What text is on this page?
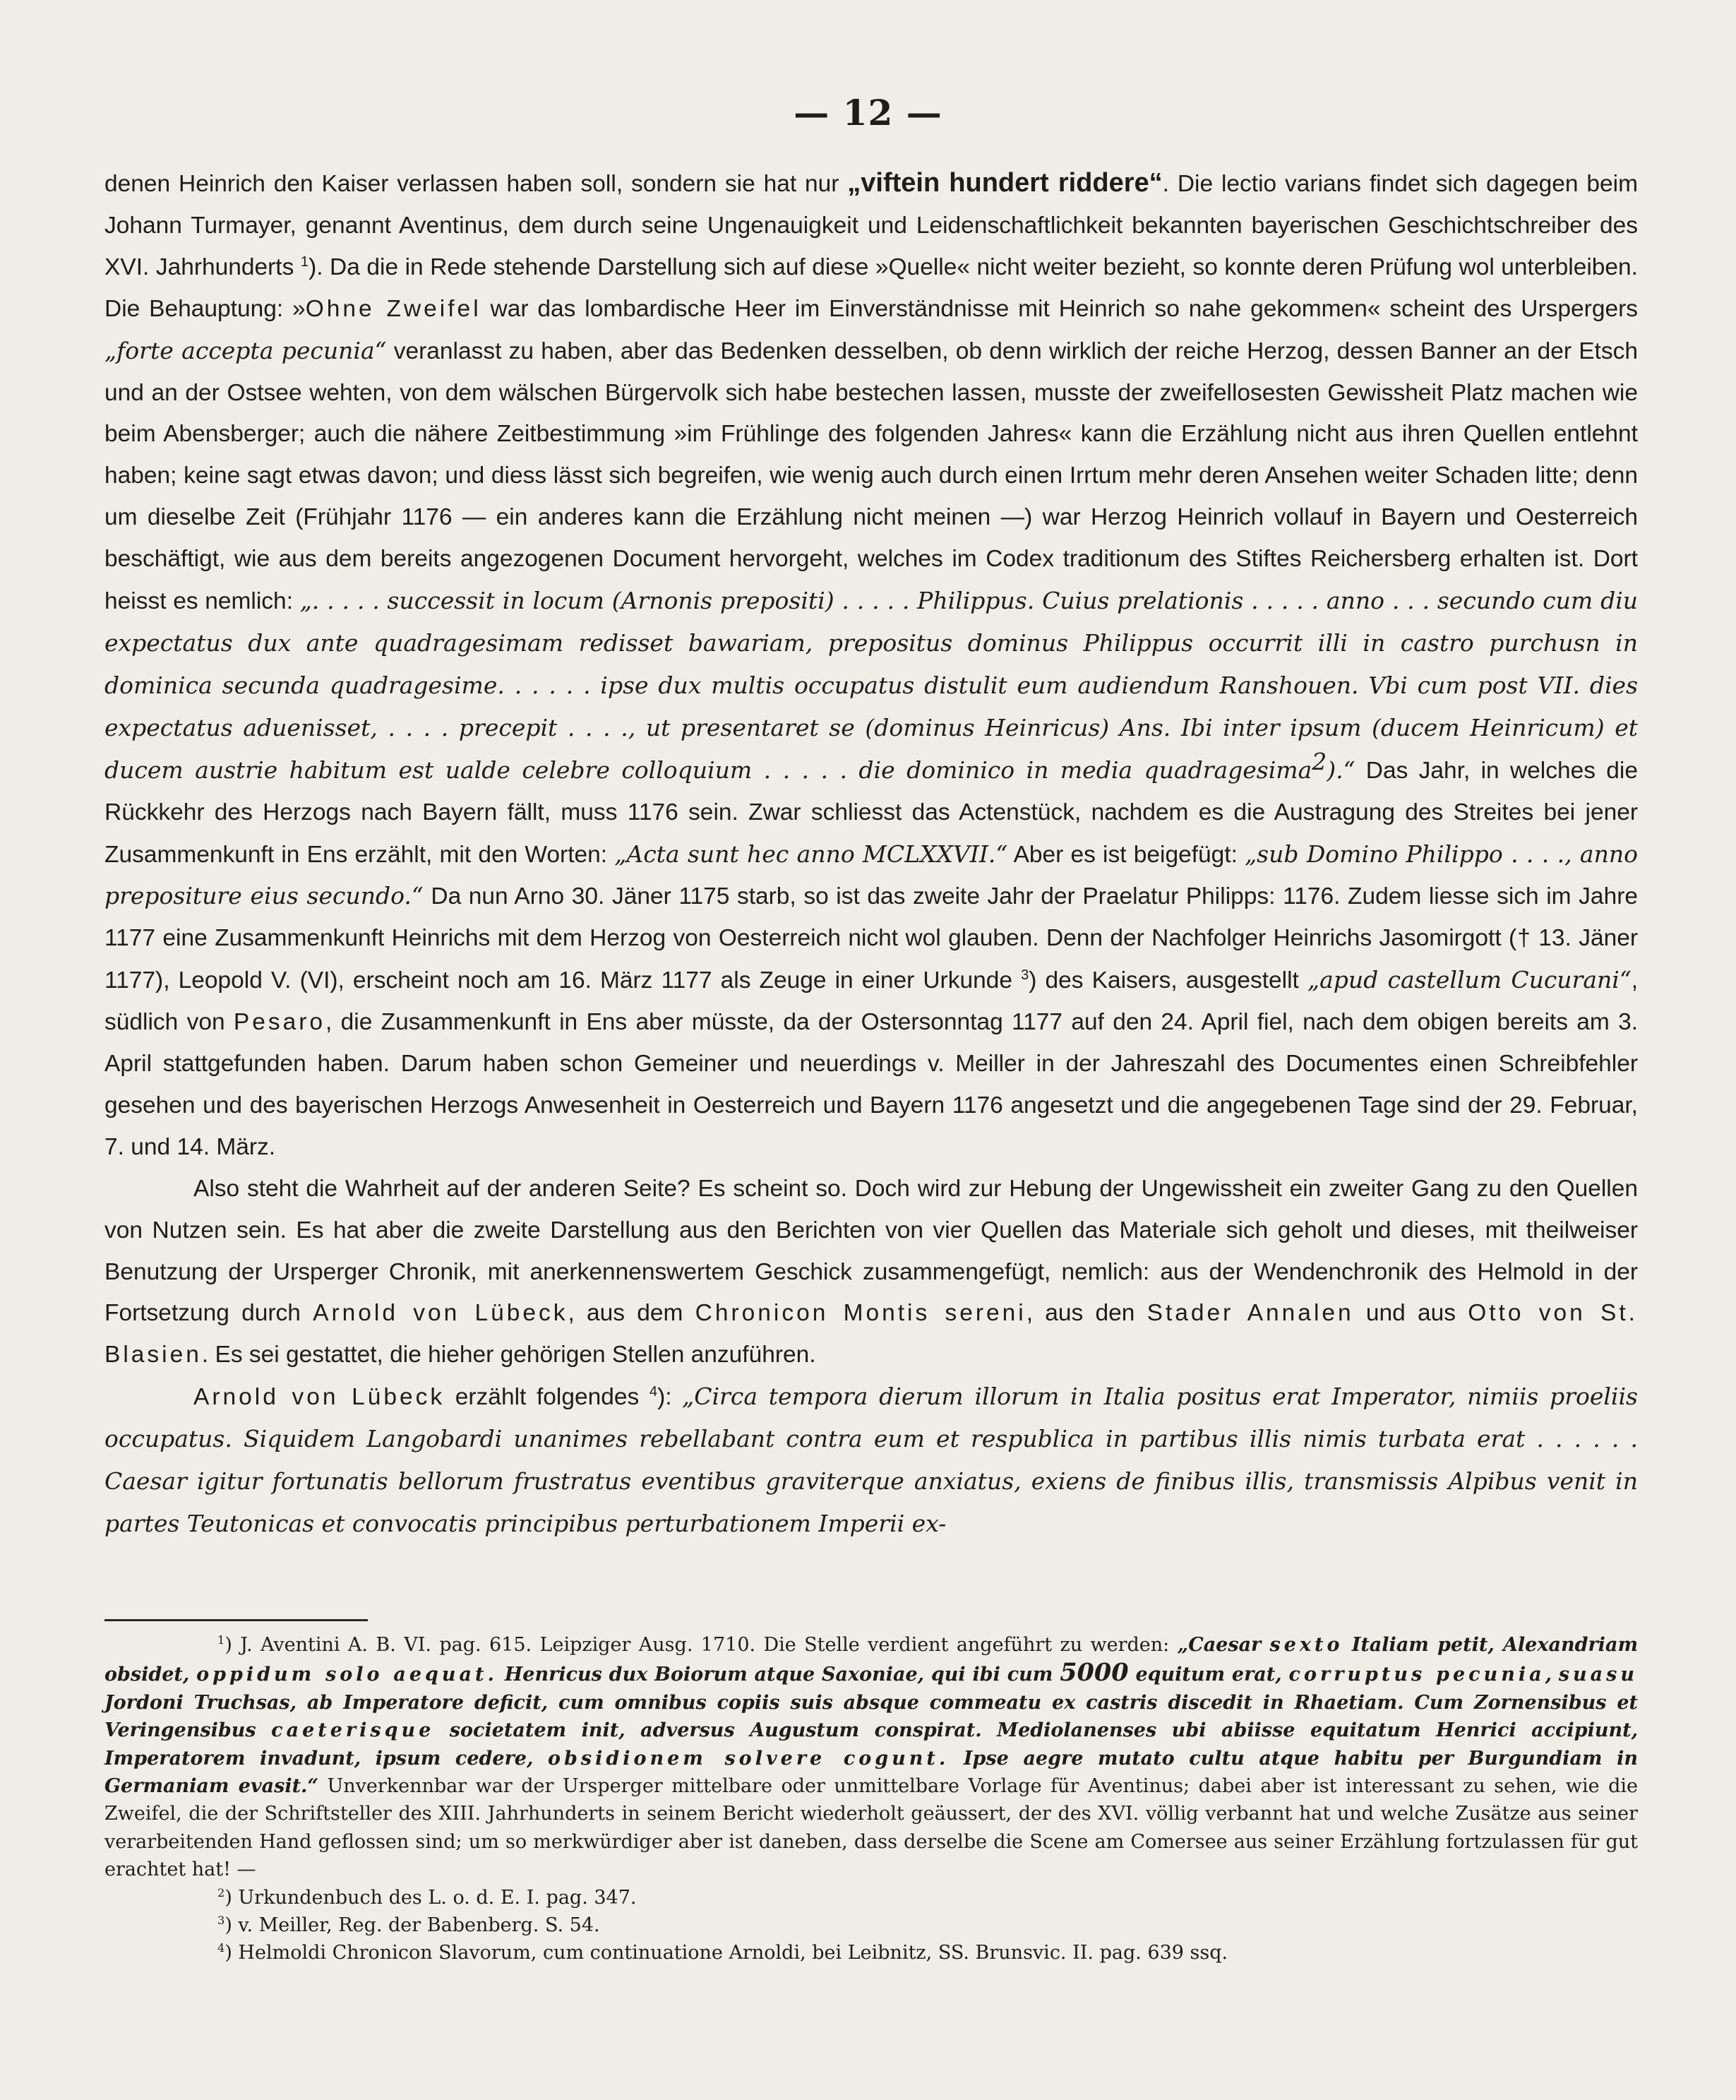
— 12 —

denen Heinrich den Kaiser verlassen haben soll, sondern sie hat nur „viftein hundert riddere“. Die lectio varians findet sich dagegen beim Johann Turmayer, genannt Aventinus, dem durch seine Ungenauigkeit und Leidenschaftlichkeit bekannten bayerischen Geschichtschreiber des XVI. Jahrhunderts $^1$). Da die in Rede stehende Darstellung sich auf diese »Quelle« nicht weiter bezieht, so konnte deren Prüfung wol unterbleiben. Die Behauptung: »Ohne Zweifel war das lombardische Heer im Einverständnisse mit Heinrich so nahe gekommen« scheint des Urspergers „forte accepta pecunia“ veranlasst zu haben, aber das Bedenken desselben, ob denn wirklich der reiche Herzog, dessen Banner an der Etsch und an der Ostsee wehten, von dem wälschen Bürgervolk sich habe bestechen lassen, musste der zweifellosesten Gewissheit Platz machen wie beim Abensberger; auch die nähere Zeitbestimmung »im Frühlinge des folgenden Jahres« kann die Erzählung nicht aus ihren Quellen entlehnt haben; keine sagt etwas davon; und diess lässt sich begreifen, wie wenig auch durch einen Irrtum mehr deren Ansehen weiter Schaden litte; denn um dieselbe Zeit (Frühjahr 1176 — ein anderes kann die Erzählung nicht meinen —) war Herzog Heinrich vollauf in Bayern und Oesterreich beschäftigt, wie aus dem bereits angezogenen Document hervorgeht, welches im Codex traditionum des Stiftes Reichersberg erhalten ist. Dort heisst es nemlich: „. . . . . successit in locum (Arnonis prepositi) . . . . . Philippus. Cuius prelationis . . . . . anno . . . secundo cum diu expectatus dux ante quadragesimam redisset bawariam, prepositus dominus Philippus occurrit illi in castro purchusn in dominica secunda quadragesime. . . . . . ipse dux multis occupatus distulit eum audiendum Ranshouen. Vbi cum post VII. dies expectatus aduenisset, . . . . precepit . . . ., ut presentaret se (dominus Heinricus) Ans. Ibi inter ipsum (ducem Heinricum) et ducem austrie habitum est ualde celebre colloquium . . . . . die dominico in media quadragesima$^2$).“ Das Jahr, in welches die Rückkehr des Herzogs nach Bayern fällt, muss 1176 sein. Zwar schliesst das Actenstück, nachdem es die Austragung des Streites bei jener Zusammenkunft in Ens erzählt, mit den Worten: „Acta sunt hec anno MCLXXVII.“ Aber es ist beigefügt: „sub Domino Philippo . . . ., anno prepositure eius secundo.“ Da nun Arno 30. Jäner 1175 starb, so ist das zweite Jahr der Praelatur Philipps: 1176. Zudem liesse sich im Jahre 1177 eine Zusammenkunft Heinrichs mit dem Herzog von Oesterreich nicht wol glauben. Denn der Nachfolger Heinrichs Jasomirgott († 13. Jäner 1177), Leopold V. (VI), erscheint noch am 16. März 1177 als Zeuge in einer Urkunde $^3$) des Kaisers, ausgestellt „apud castellum Cucurani“, südlich von Pesaro, die Zusammenkunft in Ens aber müsste, da der Ostersonntag 1177 auf den 24. April fiel, nach dem obigen bereits am 3. April stattgefunden haben. Darum haben schon Gemeiner und neuerdings v. Meiller in der Jahreszahl des Documentes einen Schreibfehler gesehen und des bayerischen Herzogs Anwesenheit in Oesterreich und Bayern 1176 angesetzt und die angegebenen Tage sind der 29. Februar, 7. und 14. März.

Also steht die Wahrheit auf der anderen Seite? Es scheint so. Doch wird zur Hebung der Ungewissheit ein zweiter Gang zu den Quellen von Nutzen sein. Es hat aber die zweite Darstellung aus den Berichten von vier Quellen das Materiale sich geholt und dieses, mit theilweiser Benutzung der Ursperger Chronik, mit anerkennenswertem Geschick zusammengefügt, nemlich: aus der Wendenchronik des Helmold in der Fortsetzung durch Arnold von Lübeck, aus dem Chronicon Montis sereni, aus den Stader Annalen und aus Otto von St. Blasien. Es sei gestattet, die hieher gehörigen Stellen anzuführen.

Arnold von Lübeck erzählt folgendes $^4$): „Circa tempora dierum illorum in Italia positus erat Imperator, nimiis proeliis occupatus. Siquidem Langobardi unanimes rebellabant contra eum et respublica in partibus illis nimis turbata erat . . . . . . Caesar igitur fortunatis bellorum frustratus eventibus graviterque anxiatus, exiens de finibus illis, transmissis Alpibus venit in partes Teutonicas et convocatis principibus perturbationem Imperii ex-

$^1$) J. Aventini A. B. VI. pag. 615. Leipziger Ausg. 1710. Die Stelle verdient angeführt zu werden: „Caesar sexto Italiam petit, Alexandriam obsidet, oppidum solo aequat. Henricus dux Boiorum atque Saxoniae, qui ibi cum 5000 equitum erat, corruptus pecunia, suasu Jordoni Truchsas, ab Imperatore deficit, cum omnibus copiis suis absque commeatu ex castris discedit in Rhaetiam. Cum Zornensibus et Veringensibus caeterisque societatem init, adversus Augustum conspirat. Mediolanenses ubi abiisse equitatum Henrici accipiunt, Imperatorem invadunt, ipsum cedere, obsidionem solvere cogunt. Ipse aegre mutato cultu atque habitu per Burgundiam in Germaniam evasit.“ Unverkennbar war der Ursperger mittelbare oder unmittelbare Vorlage für Aventinus; dabei aber ist interessant zu sehen, wie die Zweifel, die der Schriftsteller des XIII. Jahrhunderts in seinem Bericht wiederholt geäussert, der des XVI. völlig verbannt hat und welche Zusätze aus seiner verarbeitenden Hand geflossen sind; um so merkwürdiger aber ist daneben, dass derselbe die Scene am Comersee aus seiner Erzählung fortzulassen für gut erachtet hat! —

$^2$) Urkundenbuch des L. o. d. E. I. pag. 347.

$^3$) v. Meiller, Reg. der Babenberg. S. 54.

$^4$) Helmoldi Chronicon Slavorum, cum continuatione Arnoldi, bei Leibnitz, SS. Brunsvic. II. pag. 639 ssq.
